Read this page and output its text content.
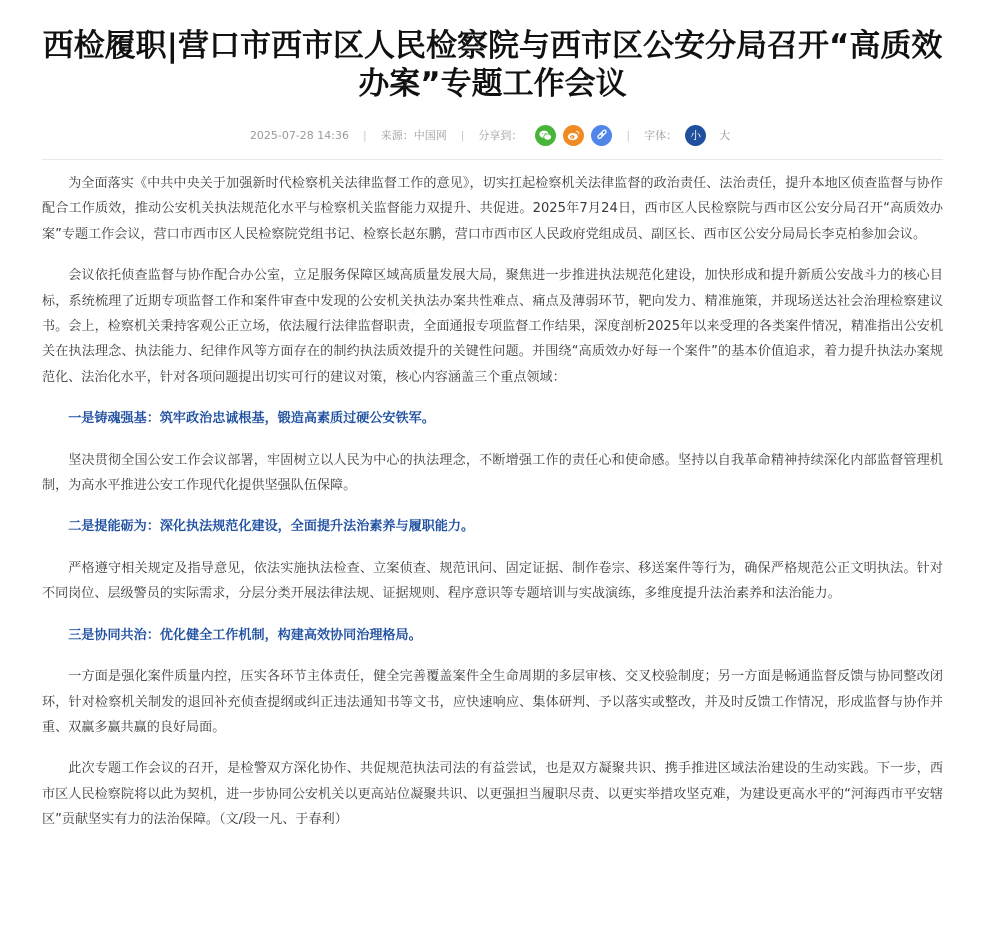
西检履职|营口市西市区人民检察院与西市区公安分局召开“高质效办案”专题工作会议
2025-07-28 14:36 | 来源：中国网 | 分享到：	| 字体：	小	大

为全面落实《中共中央关于加强新时代检察机关法律监督工作的意见》，切实扛起检察机关法律监督的政治责任、法治责任，提升本地区侦查监督与协作配合工作质效，推动公安机关执法规范化水平与检察机关监督能力双提升、共促进。2025年7月24日，西市区人民检察院与西市区公安分局召开“高质效办案”专题工作会议，营口市西市区人民检察院党组书记、检察长赵东鹏，营口市西市区人民政府党组成员、副区长、西市区公安分局局长李克柏参加会议。

会议依托侦查监督与协作配合办公室，立足服务保障区域高质量发展大局，聚焦进一步推进执法规范化建设，加快形成和提升新质公安战斗力的核心目标，系统梳理了近期专项监督工作和案件审查中发现的公安机关执法办案共性难点、痛点及薄弱环节，靶向发力、精准施策，并现场送达社会治理检察建议书。会上，检察机关秉持客观公正立场，依法履行法律监督职责，全面通报专项监督工作结果，深度剖析2025年以来受理的各类案件情况，精准指出公安机关在执法理念、执法能力、纪律作风等方面存在的制约执法质效提升的关键性问题。并围绕“高质效办好每一个案件”的基本价值追求，着力提升执法办案规范化、法治化水平，针对各项问题提出切实可行的建议对策，核心内容涵盖三个重点领域：

一是铸魂强基：筑牢政治忠诚根基，锻造高素质过硬公安铁军。

坚决贯彻全国公安工作会议部署，牢固树立以人民为中心的执法理念，不断增强工作的责任心和使命感。坚持以自我革命精神持续深化内部监督管理机制，为高水平推进公安工作现代化提供坚强队伍保障。

二是提能砺为：深化执法规范化建设，全面提升法治素养与履职能力。

严格遵守相关规定及指导意见，依法实施执法检查、立案侦查、规范讯问、固定证据、制作卷宗、移送案件等行为，确保严格规范公正文明执法。针对不同岗位、层级警员的实际需求，分层分类开展法律法规、证据规则、程序意识等专题培训与实战演练，多维度提升法治素养和法治能力。

三是协同共治：优化健全工作机制，构建高效协同治理格局。

一方面是强化案件质量内控，压实各环节主体责任，健全完善覆盖案件全生命周期的多层审核、交叉校验制度；另一方面是畅通监督反馈与协同整改闭环，针对检察机关制发的退回补充侦查提纲或纠正违法通知书等文书，应快速响应、集体研判、予以落实或整改，并及时反馈工作情况，形成监督与协作并重、双赢多赢共赢的良好局面。

此次专题工作会议的召开，是检警双方深化协作、共促规范执法司法的有益尝试，也是双方凝聚共识、携手推进区域法治建设的生动实践。下一步，西市区人民检察院将以此为契机，进一步协同公安机关以更高站位凝聚共识、以更强担当履职尽责、以更实举措攻坚克难，为建设更高水平的“河海西市平安辖区”贡献坚实有力的法治保障。（文/段一凡、于春利）
